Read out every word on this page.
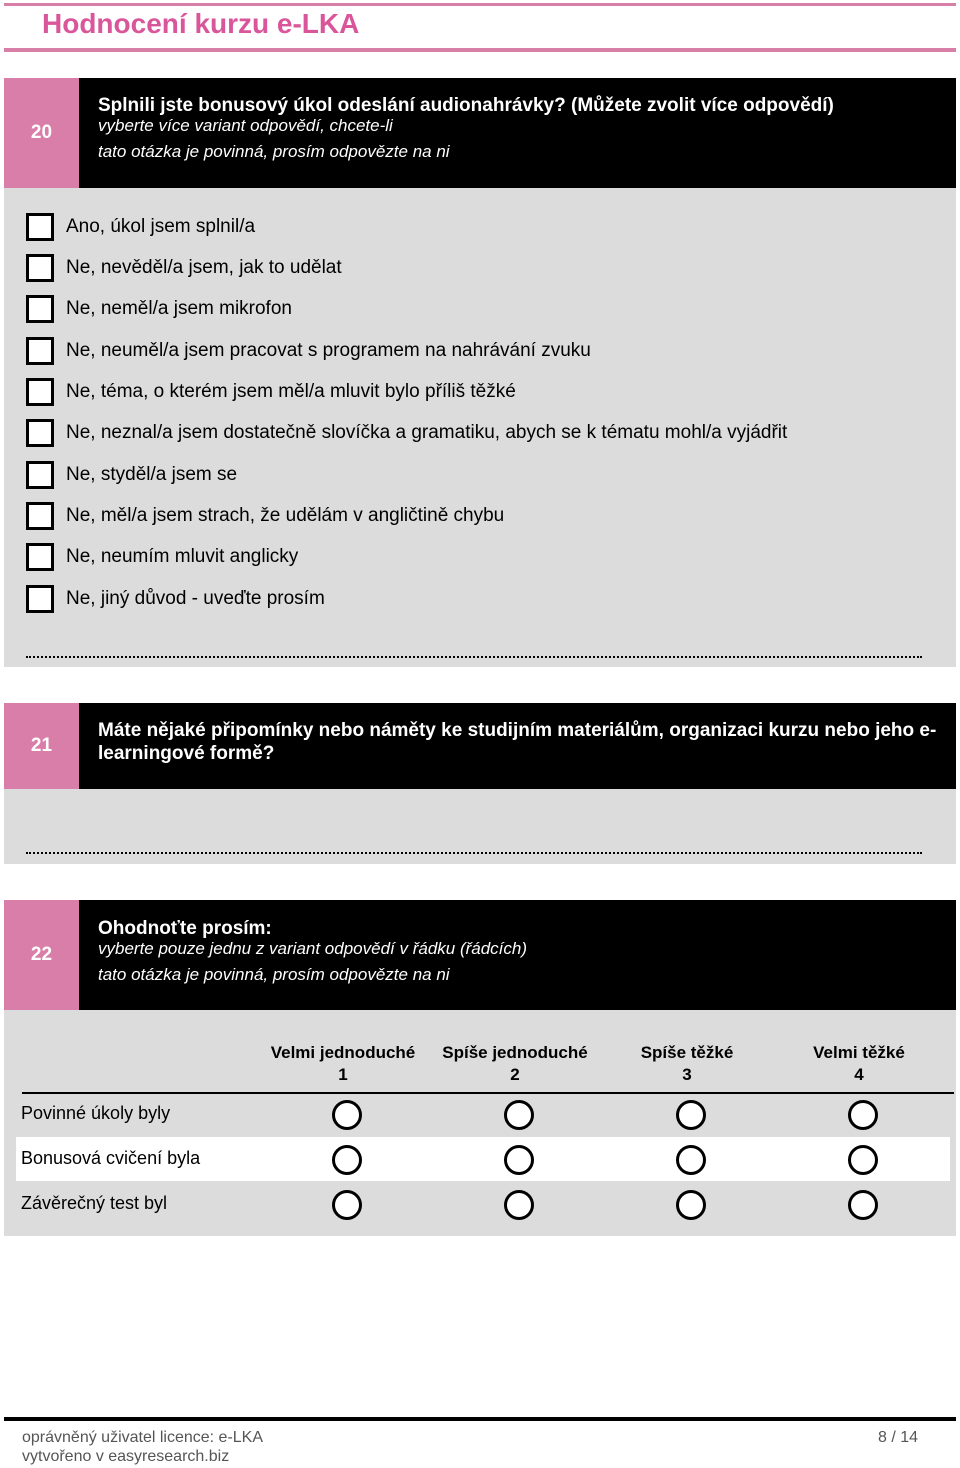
Hodnocení kurzu e-LKA
20
Splnili jste bonusový úkol odeslání audionahrávky? (Můžete zvolit více odpovědí)
vyberte více variant odpovědí, chcete-li
tato otázka je povinná, prosím odpovězte na ni
Ano, úkol jsem splnil/a
Ne, nevěděl/a jsem, jak to udělat
Ne, neměl/a jsem mikrofon
Ne, neuměl/a jsem pracovat s programem na nahrávání zvuku
Ne, téma, o kterém jsem měl/a mluvit bylo příliš těžké
Ne, neznal/a jsem dostatečně slovíčka a gramatiku, abych se k tématu mohl/a vyjádřit
Ne, styděl/a jsem se
Ne, měl/a jsem strach, že udělám v angličtině chybu
Ne, neumím mluvit anglicky
Ne, jiný důvod - uveďte prosím
21
Máte nějaké připomínky nebo náměty ke studijním materiálům, organizaci kurzu nebo jeho e-learningové formě?
22
Ohodnoťte prosím:
vyberte pouze jednu z variant odpovědí v řádku (řádcích)
tato otázka je povinná, prosím odpovězte na ni
Velmi jednoduché
1
Spíše jednoduché
2
Spíše těžké
3
Velmi těžké
4
Povinné úkoly byly
Bonusová cvičení byla
Závěrečný test byl
oprávněný uživatel licence: e-LKA
vytvořeno v easyresearch.biz
8 / 14
